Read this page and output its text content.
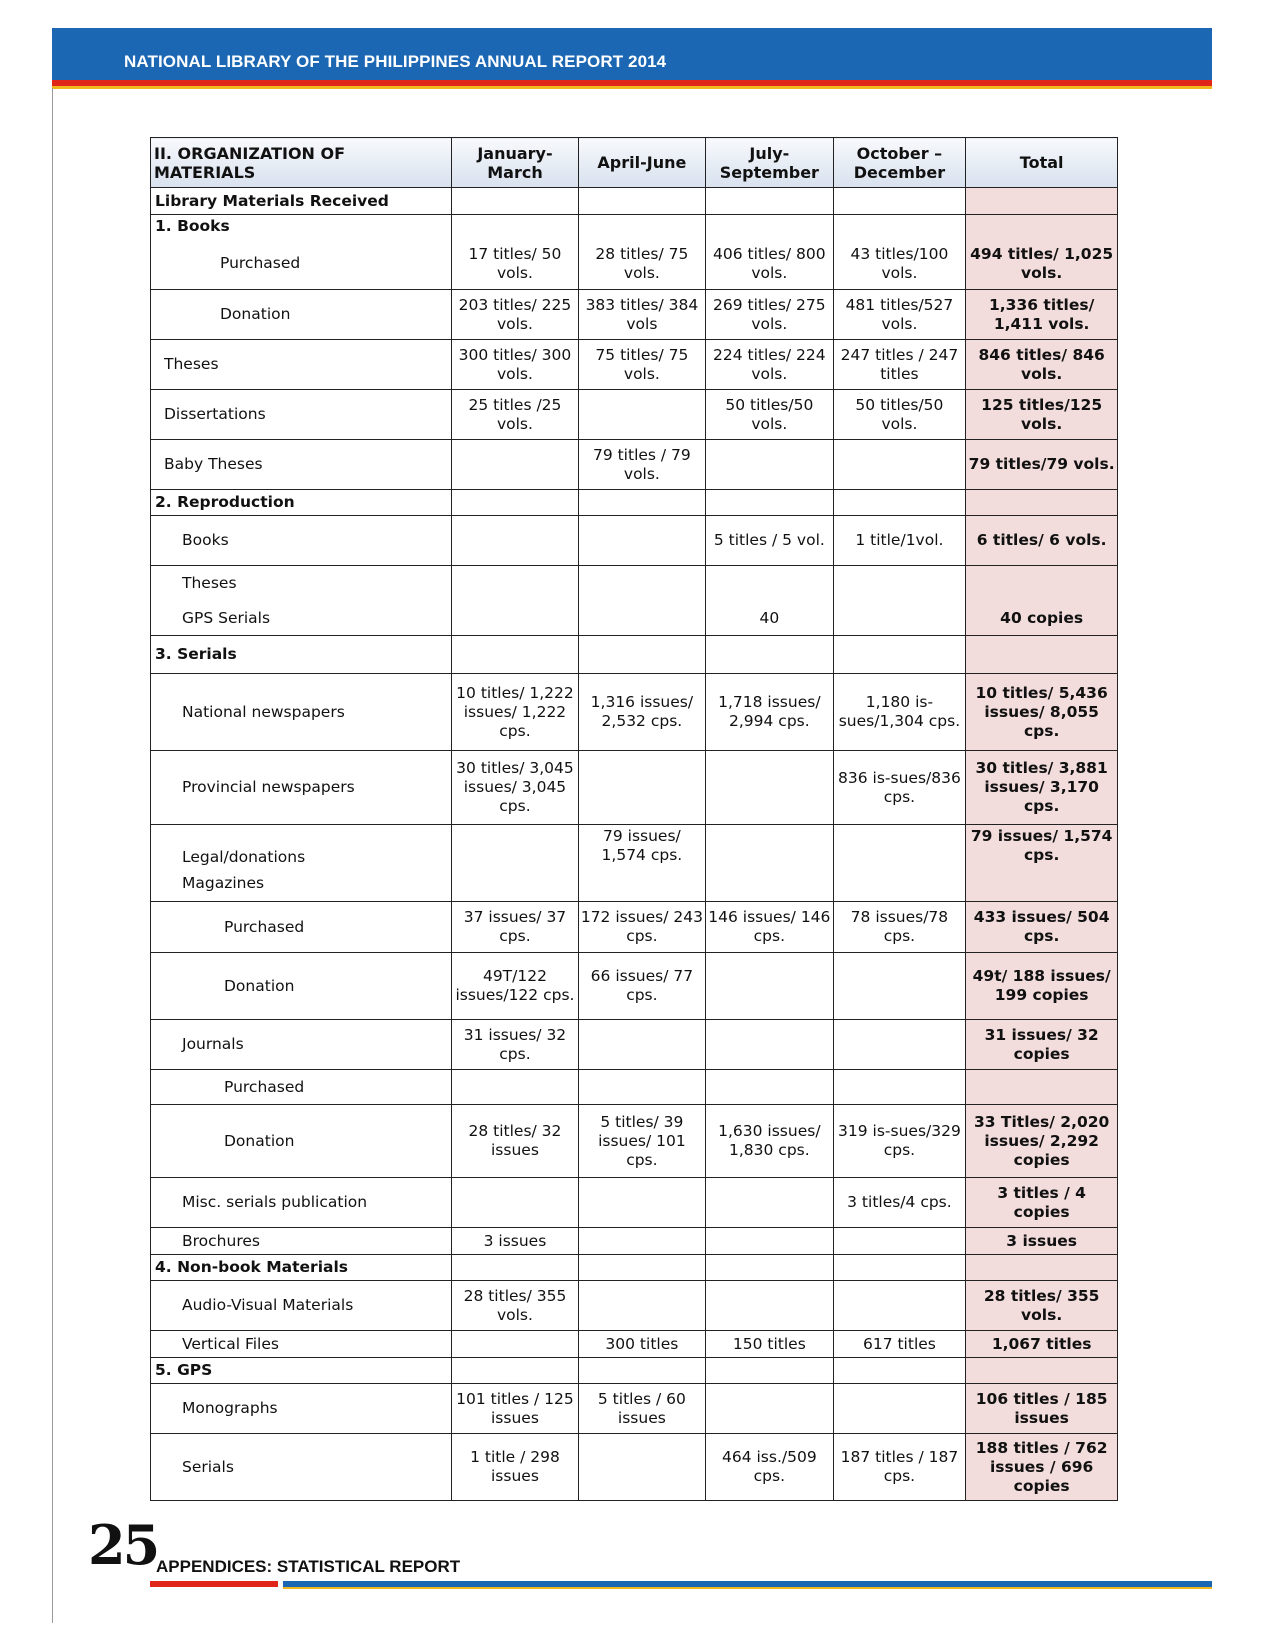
NATIONAL LIBRARY OF THE PHILIPPINES ANNUAL REPORT 2014
II. ORGANIZATION OF MATERIALS	January-March	April-June	July-September	October – December	Total
Library Materials Received					
1. Books					
Purchased	17 titles/ 50 vols.	28 titles/ 75 vols.	406 titles/ 800 vols.	43 titles/100 vols.	494 titles/ 1,025 vols.
Donation	203 titles/ 225 vols.	383 titles/ 384 vols	269 titles/ 275 vols.	481 titles/527 vols.	1,336 titles/ 1,411 vols.
Theses	300 titles/ 300 vols.	75 titles/ 75 vols.	224 titles/ 224 vols.	247 titles / 247 titles	846 titles/ 846 vols.
Dissertations	25 titles /25 vols.		50 titles/50 vols.	50 titles/50 vols.	125 titles/125 vols.
Baby Theses		79 titles / 79 vols.			79 titles/79 vols.
2. Reproduction					
Books			5 titles / 5 vol.	1 title/1vol.	6 titles/ 6 vols.
Theses					
GPS Serials			40		40 copies
3. Serials					
National newspapers	10 titles/ 1,222 issues/ 1,222 cps.	1,316 issues/ 2,532 cps.	1,718 issues/ 2,994 cps.	1,180 is-sues/1,304 cps.	10 titles/ 5,436 issues/ 8,055 cps.
Provincial newspapers	30 titles/ 3,045 issues/ 3,045 cps.			836 is-sues/836 cps.	30 titles/ 3,881 issues/ 3,170 cps.
Legal/donations		79 issues/ 1,574 cps.			79 issues/ 1,574 cps.
Magazines					
Purchased	37 issues/ 37 cps.	172 issues/ 243 cps.	146 issues/ 146 cps.	78 issues/78 cps.	433 issues/ 504 cps.
Donation	49T/122 issues/122 cps.	66 issues/ 77 cps.			49t/ 188 issues/ 199 copies
Journals	31 issues/ 32 cps.				31 issues/ 32 copies
Purchased					
Donation	28 titles/ 32 issues	5 titles/ 39 issues/ 101 cps.	1,630 issues/ 1,830 cps.	319 is-sues/329 cps.	33 Titles/ 2,020 issues/ 2,292 copies
Misc. serials publication				3 titles/4 cps.	3 titles / 4 copies
Brochures	3 issues				3 issues
4. Non-book Materials					
Audio-Visual Materials	28 titles/ 355 vols.				28 titles/ 355 vols.
Vertical Files		300 titles	150 titles	617 titles	1,067 titles
5. GPS					
Monographs	101 titles / 125 issues	5 titles / 60 issues			106 titles / 185 issues
Serials	1 title / 298 issues		464 iss./509 cps.	187 titles / 187 cps.	188 titles / 762 issues / 696 copies
25
APPENDICES: STATISTICAL REPORT
